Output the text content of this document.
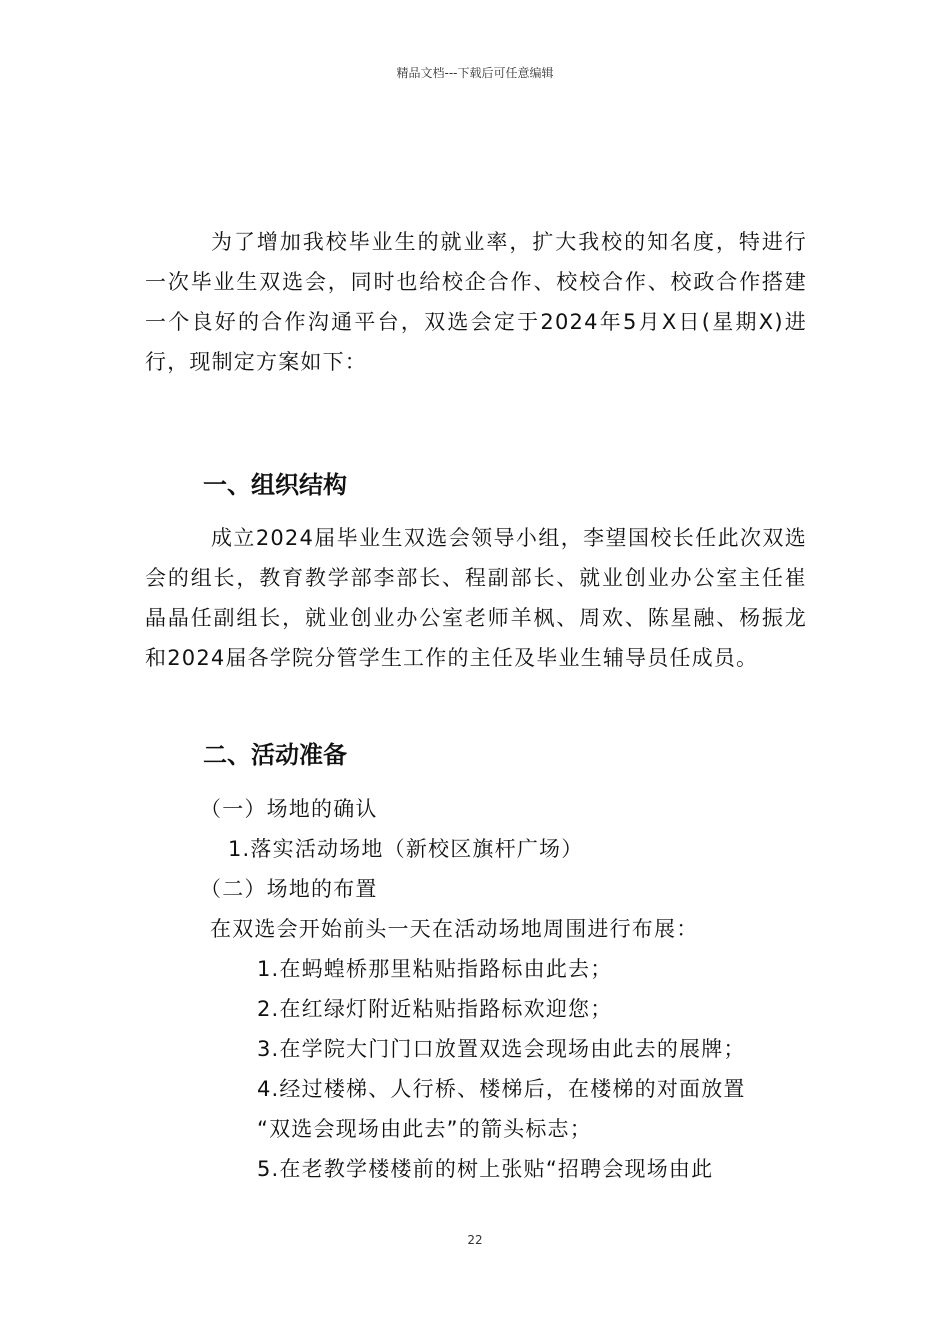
精品文档---下载后可任意编辑

为了增加我校毕业生的就业率，扩大我校的知名度，特进行一次毕业生双选会，同时也给校企合作、校校合作、校政合作搭建一个良好的合作沟通平台，双选会定于2024年5月X日(星期X)进行，现制定方案如下：

一、组织结构

成立2024届毕业生双选会领导小组，李望国校长任此次双选会的组长，教育教学部李部长、程副部长、就业创业办公室主任崔晶晶任副组长，就业创业办公室老师羊枫、周欢、陈星融、杨振龙和2024届各学院分管学生工作的主任及毕业生辅导员任成员。

二、活动准备

（一）场地的确认

1.落实活动场地（新校区旗杆广场）

（二）场地的布置

在双选会开始前头一天在活动场地周围进行布展：

1.在蚂蝗桥那里粘贴指路标由此去；

2.在红绿灯附近粘贴指路标欢迎您；

3.在学院大门门口放置双选会现场由此去的展牌；

4.经过楼梯、人行桥、楼梯后，在楼梯的对面放置

“双选会现场由此去”的箭头标志；

5.在老教学楼楼前的树上张贴“招聘会现场由此

22
